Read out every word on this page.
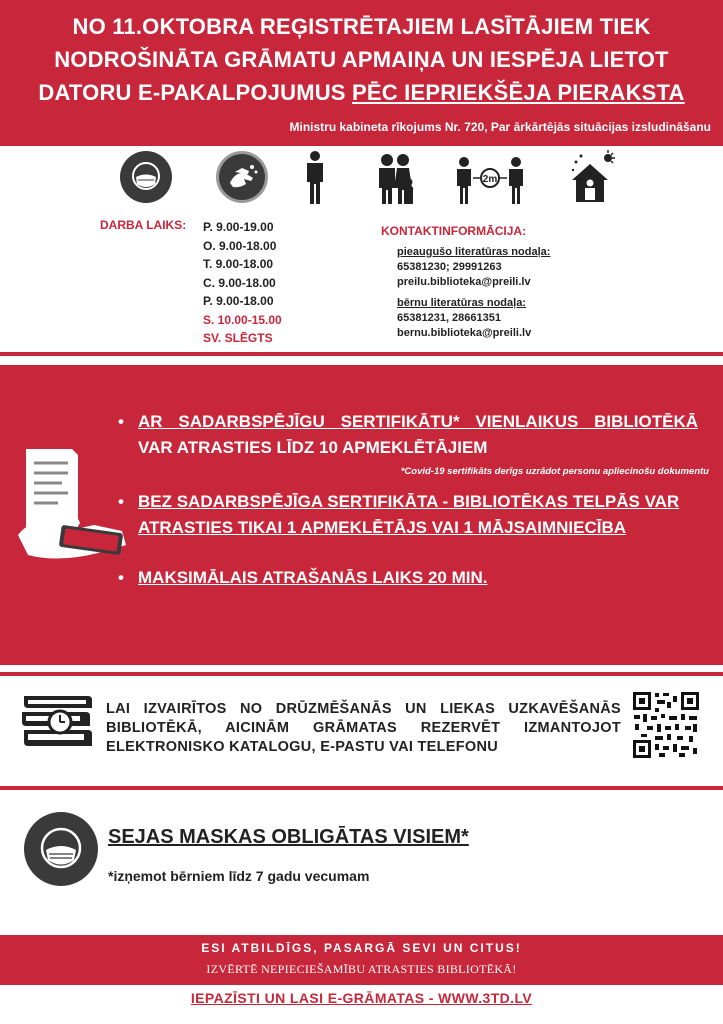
NO 11.OKTOBRA REĢISTRĒTAJIEM LASĪTĀJIEM TIEK
NODROŠINĀTA GRĀMATU APMAIŅA UN IESPĒJA LIETOT
DATORU E-PAKALPOJUMUS PĒC IEPRIEKŠĒJA PIERAKSTA
Ministru kabineta rīkojums Nr. 720, Par ārkārtējās situācijas izsludināšanu
2m
DARBA LAIKS: P. 9.00-19.00
O. 9.00-18.00
T. 9.00-18.00
C. 9.00-18.00
P. 9.00-18.00
S. 10.00-15.00
SV. SLĒGTS
KONTAKTINFORMĀCIJA:
pieaugušo literatūras nodaļa:
65381230; 29991263
preilu.biblioteka@preili.lv
bērnu literatūras nodaļa:
65381231, 28661351
bernu.biblioteka@preili.lv
• AR SADARBSPĒJĪGU SERTIFIKĀTU* VIENLAIKUS BIBLIOTĒKĀ
VAR ATRASTIES LĪDZ 10 APMEKLĒTĀJIEM
*Covid-19 sertifikāts derīgs uzrādot personu apliecinošu dokumentu
• BEZ SADARBSPĒJĪGA SERTIFIKĀTA - BIBLIOTĒKAS TELPĀS VAR
ATRASTIES TIKAI 1 APMEKLĒTĀJS VAI 1 MĀJSAIMNIECĪBA
• MAKSIMĀLAIS ATRAŠANĀS LAIKS 20 MIN.
LAI IZVAIRĪTOS NO DRŪZMĒŠANĀS UN LIEKAS UZKAVĒŠANĀS BIBLIOTĒKĀ, AICINĀM GRĀMATAS REZERVĒT IZMANTOJOT ELEKTRONISKO KATALOGU, E-PASTU VAI TELEFONU
SEJAS MASKAS OBLIGĀTAS VISIEM*
*izņemot bērniem līdz 7 gadu vecumam
ESI ATBILDĪGS, PASARGĀ SEVI UN CITUS!
IZVĒRTĒ NEPIECIEŠAMĪBU ATRASTIES BIBLIOTĒKĀ!
IEPAZĪSTI UN LASI E-GRĀMATAS - WWW.3TD.LV
